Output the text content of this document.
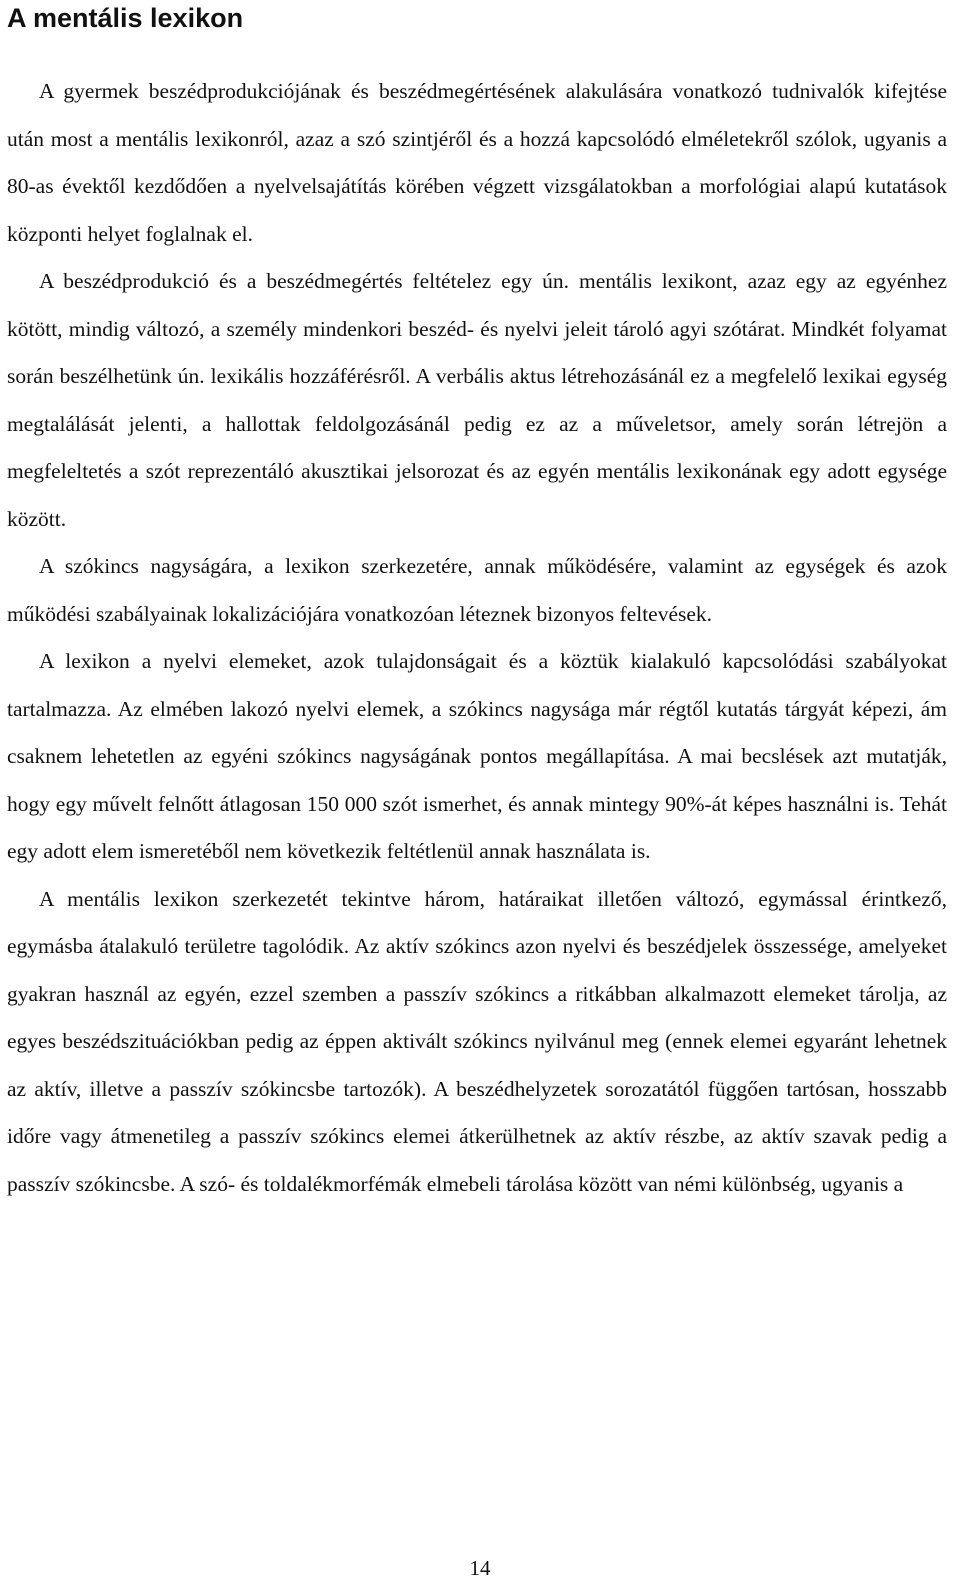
A mentális lexikon

A gyermek beszédprodukciójának és beszédmegértésének alakulására vonatkozó tudnivalók kifejtése után most a mentális lexikonról, azaz a szó szintjéről és a hozzá kapcsolódó elméletekről szólok, ugyanis a 80-as évektől kezdődően a nyelvelsajátítás körében végzett vizsgálatokban a morfológiai alapú kutatások központi helyet foglalnak el.

A beszédprodukció és a beszédmegértés feltételez egy ún. mentális lexikont, azaz egy az egyénhez kötött, mindig változó, a személy mindenkori beszéd- és nyelvi jeleit tároló agyi szótárat. Mindkét folyamat során beszélhetünk ún. lexikális hozzáférésről. A verbális aktus létrehozásánál ez a megfelelő lexikai egység megtalálását jelenti, a hallottak feldolgozásánál pedig ez az a műveletsor, amely során létrejön a megfeleltetés a szót reprezentáló akusztikai jelsorozat és az egyén mentális lexikonának egy adott egysége között.

A szókincs nagyságára, a lexikon szerkezetére, annak működésére, valamint az egységek és azok működési szabályainak lokalizációjára vonatkozóan léteznek bizonyos feltevések.

A lexikon a nyelvi elemeket, azok tulajdonságait és a köztük kialakuló kapcsolódási szabályokat tartalmazza. Az elmében lakozó nyelvi elemek, a szókincs nagysága már régtől kutatás tárgyát képezi, ám csaknem lehetetlen az egyéni szókincs nagyságának pontos megállapítása. A mai becslések azt mutatják, hogy egy művelt felnőtt átlagosan 150 000 szót ismerhet, és annak mintegy 90%-át képes használni is. Tehát egy adott elem ismeretéből nem következik feltétlenül annak használata is.

A mentális lexikon szerkezetét tekintve három, határaikat illetően változó, egymással érintkező, egymásba átalakuló területre tagolódik. Az aktív szókincs azon nyelvi és beszédjelek összessége, amelyeket gyakran használ az egyén, ezzel szemben a passzív szókincs a ritkábban alkalmazott elemeket tárolja, az egyes beszédszituációkban pedig az éppen aktivált szókincs nyilvánul meg (ennek elemei egyaránt lehetnek az aktív, illetve a passzív szókincsbe tartozók). A beszédhelyzetek sorozatától függően tartósan, hosszabb időre vagy átmenetileg a passzív szókincs elemei átkerülhetnek az aktív részbe, az aktív szavak pedig a passzív szókincsbe. A szó- és toldalékmorfémák elmebeli tárolása között van némi különbség, ugyanis a

14
